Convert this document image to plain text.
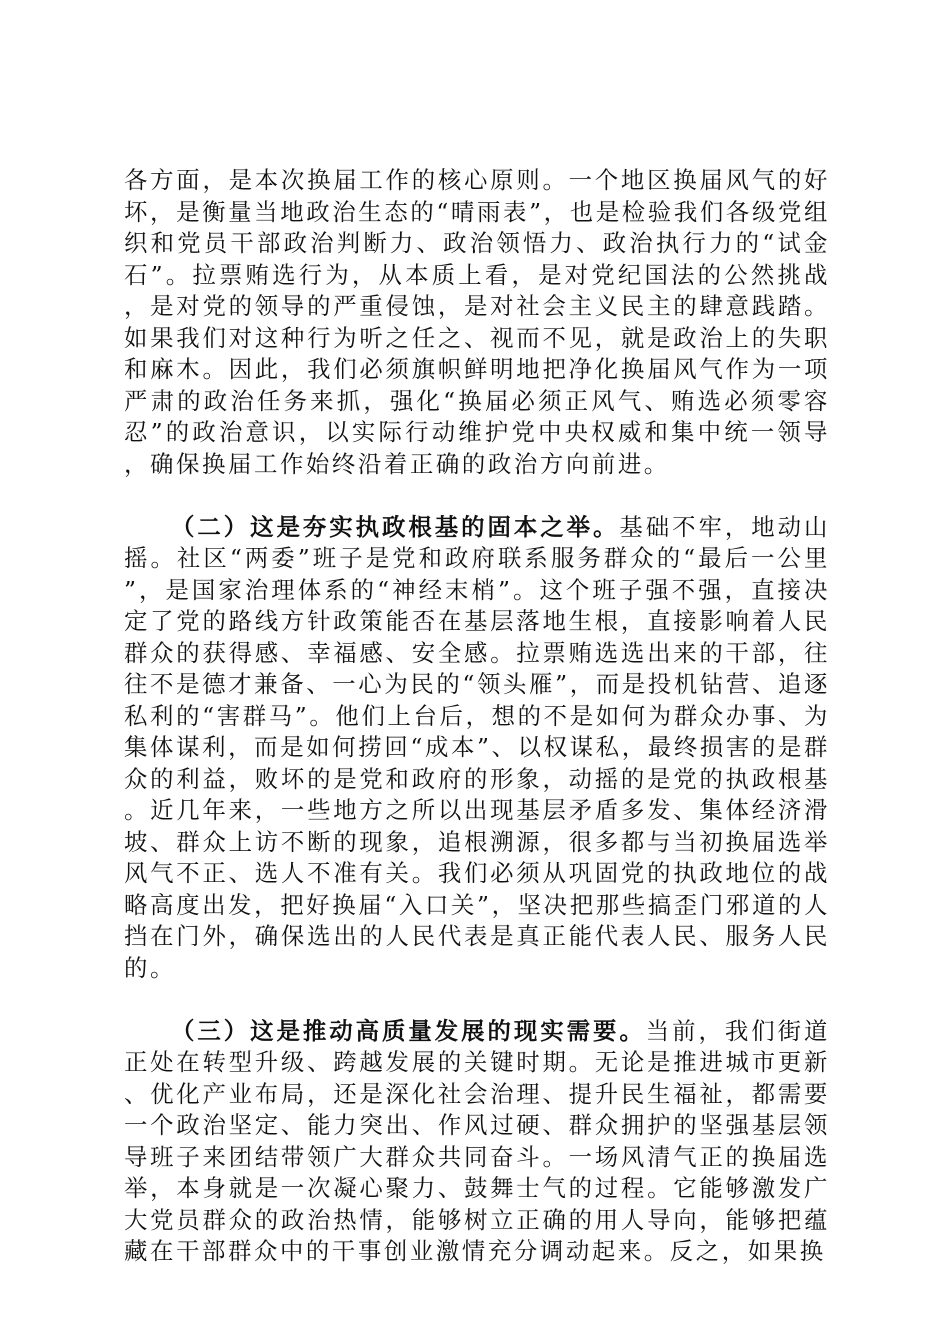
各方面，是本次换届工作的核心原则。一个地区换届风气的好坏，是衡量当地政治生态的“晴雨表”，也是检验我们各级党组织和党员干部政治判断力、政治领悟力、政治执行力的“试金石”。拉票贿选行为，从本质上看，是对党纪国法的公然挑战，是对党的领导的严重侵蚀，是对社会主义民主的肆意践踏。如果我们对这种行为听之任之、视而不见，就是政治上的失职和麻木。因此，我们必须旗帜鲜明地把净化换届风气作为一项严肃的政治任务来抓，强化“换届必须正风气、贿选必须零容忍”的政治意识，以实际行动维护党中央权威和集中统一领导，确保换届工作始终沿着正确的政治方向前进。

（二）这是夯实执政根基的固本之举。基础不牢，地动山摇。社区“两委”班子是党和政府联系服务群众的“最后一公里”，是国家治理体系的“神经末梢”。这个班子强不强，直接决定了党的路线方针政策能否在基层落地生根，直接影响着人民群众的获得感、幸福感、安全感。拉票贿选选出来的干部，往往不是德才兼备、一心为民的“领头雁”，而是投机钻营、追逐私利的“害群马”。他们上台后，想的不是如何为群众办事、为集体谋利，而是如何捞回“成本”、以权谋私，最终损害的是群众的利益，败坏的是党和政府的形象，动摇的是党的执政根基。近几年来，一些地方之所以出现基层矛盾多发、集体经济滑坡、群众上访不断的现象，追根溯源，很多都与当初换届选举风气不正、选人不准有关。我们必须从巩固党的执政地位的战略高度出发，把好换届“入口关”，坚决把那些搞歪门邪道的人挡在门外，确保选出的人民代表是真正能代表人民、服务人民的。

（三）这是推动高质量发展的现实需要。当前，我们街道正处在转型升级、跨越发展的关键时期。无论是推进城市更新、优化产业布局，还是深化社会治理、提升民生福祉，都需要一个政治坚定、能力突出、作风过硬、群众拥护的坚强基层领导班子来团结带领广大群众共同奋斗。一场风清气正的换届选举，本身就是一次凝心聚力、鼓舞士气的过程。它能够激发广大党员群众的政治热情，能够树立正确的用人导向，能够把蕴藏在干部群众中的干事创业激情充分调动起来。反之，如果换
